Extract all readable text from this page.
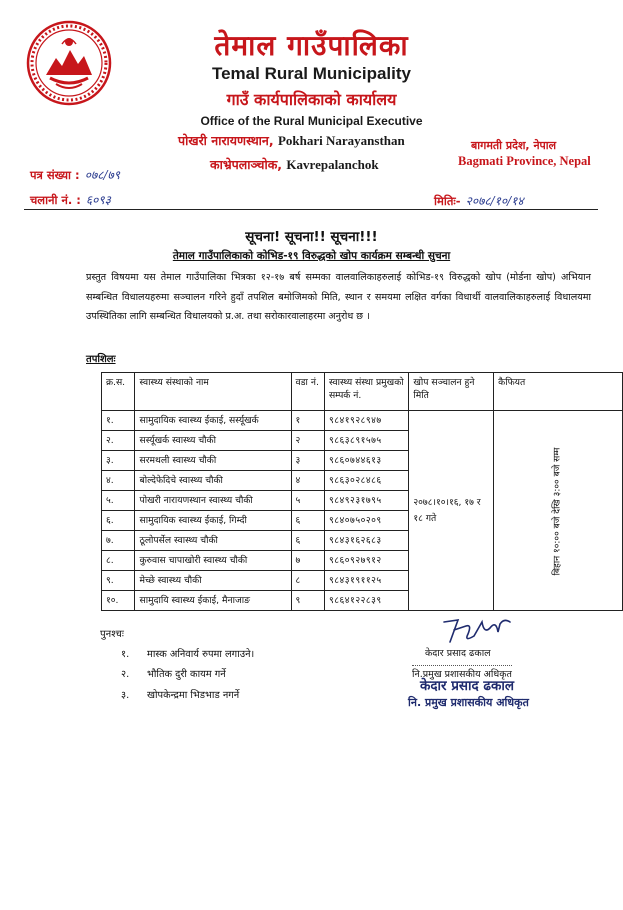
तेमाल गाउँपालिका
Temal Rural Municipality
गाउँ कार्यपालिकाको कार्यालय
Office of the Rural Municipal Executive
पोखरी नारायणस्थान, Pokhari Narayansthan
काभ्रेपलाञ्चोक, Kavrepalanchok
बागमती प्रदेश, नेपाल
Bagmati Province, Nepal
पत्र संख्या : ०७८/७९
चलानी नं. : ६०९३	मितिः- २०७८/१०/१४
सूचना! सूचना!! सूचना!!!
तेमाल गाउँपालिकाको कोभिड-१९ विरुद्धको खोप कार्यक्रम सम्बन्धी सुचना
प्रस्तुत विषयमा यस तेमाल गाउँपालिका भित्रका १२-१७ बर्ष सम्मका वालवालिकाहरुलाई कोभिड-१९ विरुद्धको खोप (मोर्डना खोप) अभियान सम्बन्धित विधालयहरुमा सञ्चालन गरिने हुदाँ तपशिल बमोजिमको मिति, स्थान र समयमा लक्षित वर्गका विधार्थी वालवालिकाहरुलाई विधालयमा उपस्थितिका लागि सम्बन्धित विधालयको प्र.अ. तथा सरोकारवालाहरमा अनुरोध छ ।
तपशिलः
क्र.स.	स्वास्थ्य संस्थाको नाम	वडा नं.	स्वास्थ्य संस्था प्रमुखको सम्पर्क नं.	खोप सञ्चालन हुने मिति	कैफियत
१.	सामुदायिक स्वास्थ्य ईकाई, सर्स्यूखर्क	१	९८४१९२८९४७	२०७८।१०।१६, १७ र १८ गते	बिहान १०:०० बजे देखि ३:०० बजे सम्म
२.	सर्स्यूखर्क स्वास्थ्य चौकी	२	९८६३८९१५७५		
३.	सरमथली स्वास्थ्य चौकी	३	९८६०७४४६१३		
४.	बोल्देफेदिचे स्वास्थ्य चौकी	४	९८६३०२८४८६		
५.	पोखरी नारायणस्थान स्वास्थ्य चौकी	५	९८४९२३१७९५		
६.	सामुदायिक स्वास्थ्य ईकाई, गिम्दी	६	९८४०७५०२०९		
७.	ठूलोपर्सेल स्वास्थ्य चौकी	६	९८४३१६२६८३		
८.	कुरुवास चापाखोरी स्वास्थ्य चौकी	७	९८६०९२७९१२		
९.	मेच्छे स्वास्थ्य चौकी	८	९८४३१९११२५		
१०.	सामुदायि स्वास्थ्य ईकाई, मैनाजाङ	९	९८६४१२२८३९		
पुनश्चः
१. मास्क अनिवार्य रुपमा लगाउने।
२. भौतिक दुरी कायम गर्ने
३. खोपकेन्द्रमा भिडभाड नगर्ने
केदार प्रसाद ढकाल
नि.प्रमुख प्रशासकीय अधिकृत
केदार प्रसाद ढकाल
नि. प्रमुख प्रशासकीय अधिकृत
